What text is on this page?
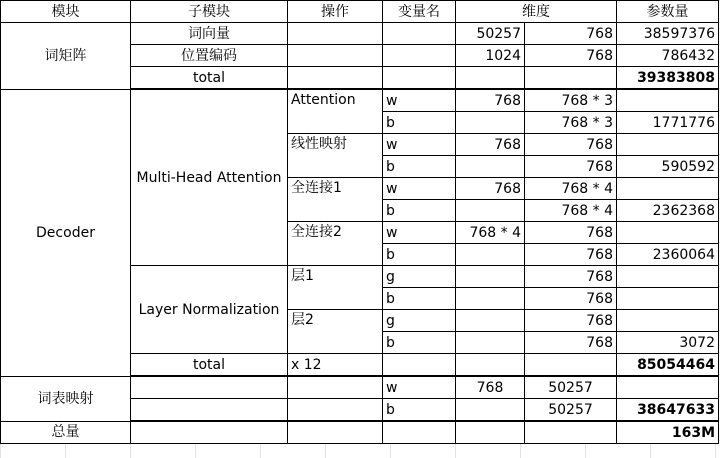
模块	子模块	操作	变量名	维度		参数量
词矩阵	词向量			50257	768	38597376
	位置编码			1024	768	786432
	total					39383808
Decoder	Multi-Head Attention	Attention	w	768	768 * 3	
			b		768 * 3	1771776
		线性映射	w	768	768	
			b		768	590592
		全连接1	w	768	768 * 4	
			b		768 * 4	2362368
		全连接2	w	768 * 4	768	
			b		768	2360064
	Layer Normalization	层1	g		768	
			b		768	
		层2	g		768	
			b		768	3072
	total	x 12				85054464
词表映射			w	768	50257	
			b		50257	38647633
总量						163M
